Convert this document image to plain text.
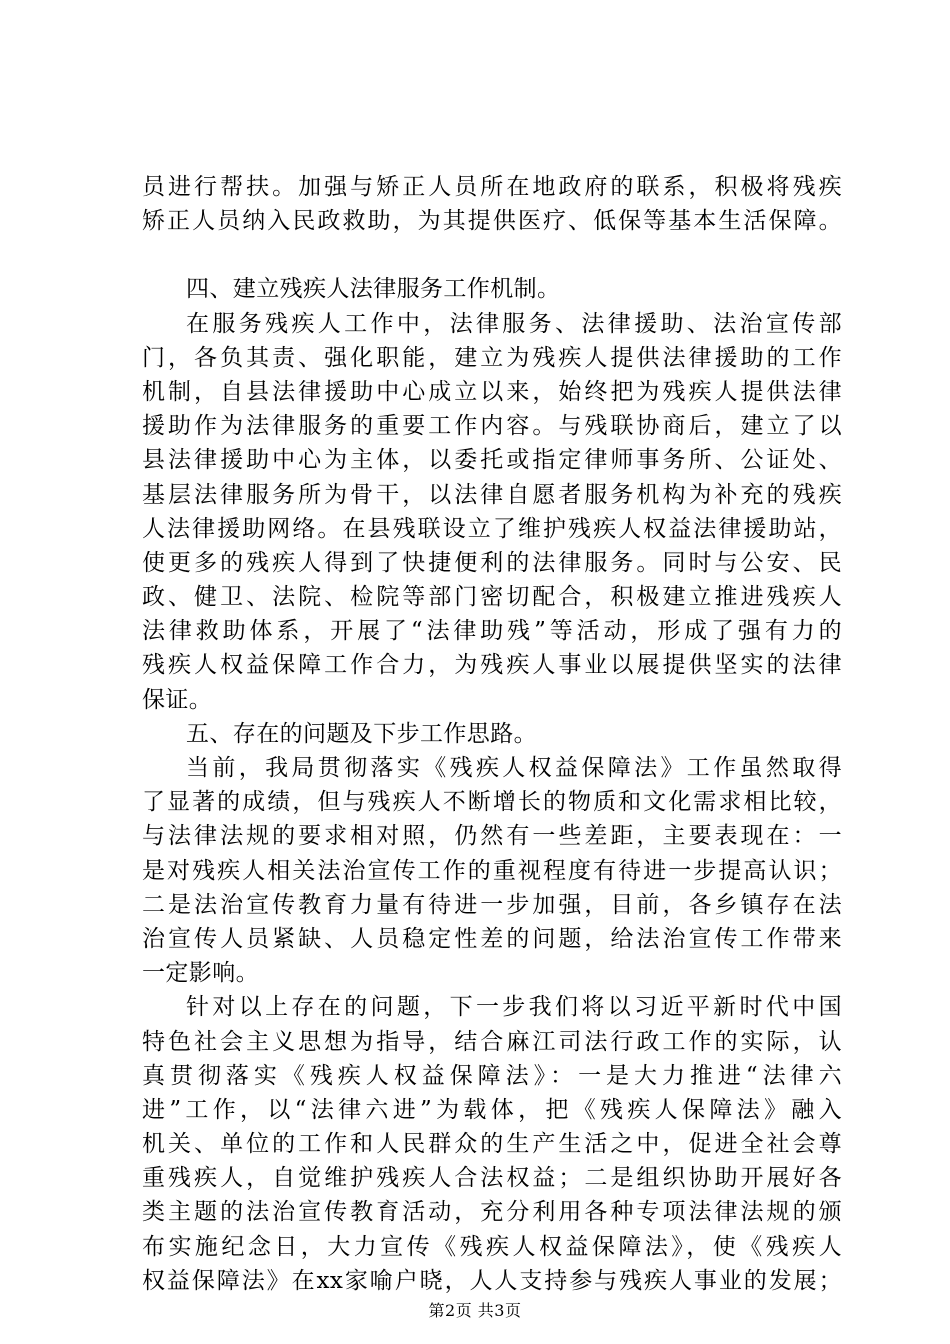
员进行帮扶。加强与矫正人员所在地政府的联系，积极将残疾
矫正人员纳入民政救助，为其提供医疗、低保等基本生活保障。
四、建立残疾人法律服务工作机制。
在服务残疾人工作中，法律服务、法律援助、法治宣传部
门，各负其责、强化职能，建立为残疾人提供法律援助的工作
机制，自县法律援助中心成立以来，始终把为残疾人提供法律
援助作为法律服务的重要工作内容。与残联协商后，建立了以
县法律援助中心为主体，以委托或指定律师事务所、公证处、
基层法律服务所为骨干，以法律自愿者服务机构为补充的残疾
人法律援助网络。在县残联设立了维护残疾人权益法律援助站，
使更多的残疾人得到了快捷便利的法律服务。同时与公安、民
政、健卫、法院、检院等部门密切配合，积极建立推进残疾人
法律救助体系，开展了“法律助残”等活动，形成了强有力的
残疾人权益保障工作合力，为残疾人事业以展提供坚实的法律
保证。
五、存在的问题及下步工作思路。
当前，我局贯彻落实《残疾人权益保障法》工作虽然取得
了显著的成绩，但与残疾人不断增长的物质和文化需求相比较，
与法律法规的要求相对照，仍然有一些差距，主要表现在：一
是对残疾人相关法治宣传工作的重视程度有待进一步提高认识；
二是法治宣传教育力量有待进一步加强，目前，各乡镇存在法
治宣传人员紧缺、人员稳定性差的问题，给法治宣传工作带来
一定影响。
针对以上存在的问题，下一步我们将以习近平新时代中国
特色社会主义思想为指导，结合麻江司法行政工作的实际，认
真贯彻落实《残疾人权益保障法》：一是大力推进“法律六
进”工作，以“法律六进”为载体，把《残疾人保障法》融入
机关、单位的工作和人民群众的生产生活之中，促进全社会尊
重残疾人，自觉维护残疾人合法权益；二是组织协助开展好各
类主题的法治宣传教育活动，充分利用各种专项法律法规的颁
布实施纪念日，大力宣传《残疾人权益保障法》，使《残疾人
权益保障法》在xx家喻户晓，人人支持参与残疾人事业的发展；
第2页 共3页
